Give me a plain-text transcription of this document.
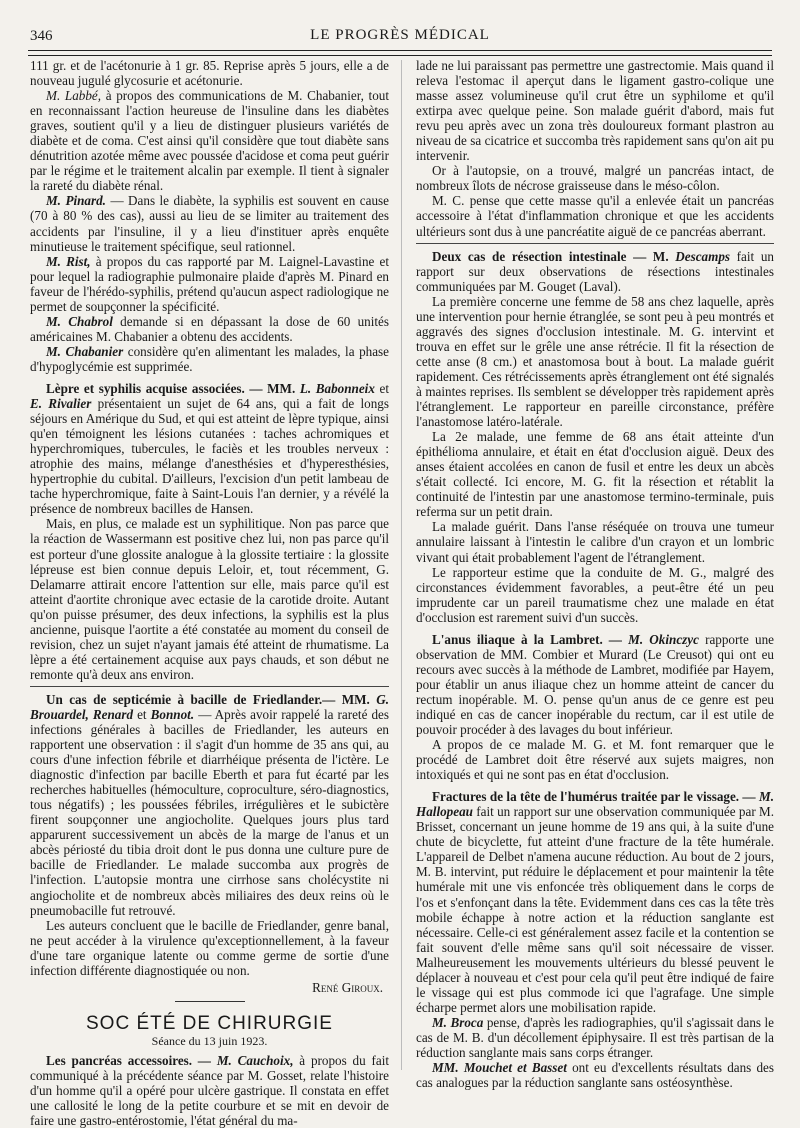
346	LE PROGRÈS MÉDICAL

111 gr. et de l'acétonurie à 1 gr. 85. Reprise après 5 jours, elle a de nouveau jugulé glycosurie et acétonurie.

M. Labbé, à propos des communications de M. Chabanier, tout en reconnaissant l'action heureuse de l'insuline dans les diabètes graves, soutient qu'il y a lieu de distinguer plusieurs variétés de diabète et de coma. C'est ainsi qu'il considère que tout diabète sans dénutrition azotée même avec poussée d'acidose et coma peut guérir par le régime et le traitement alcalin par exemple. Il tient à signaler la rareté du diabète rénal.

M. Pinard. — Dans le diabète, la syphilis est souvent en cause (70 à 80 % des cas), aussi au lieu de se limiter au traitement des accidents par l'insuline, il y a lieu d'instituer après enquête minutieuse le traitement spécifique, seul rationnel.

M. Rist, à propos du cas rapporté par M. Laignel-Lavastine et pour lequel la radiographie pulmonaire plaide d'après M. Pinard en faveur de l'hérédo-syphilis, prétend qu'aucun aspect radiologique ne permet de soupçonner la spécificité.

M. Chabrol demande si en dépassant la dose de 60 unités américaines M. Chabanier a obtenu des accidents.

M. Chabanier considère qu'en alimentant les malades, la phase d'hypoglycémie est supprimée.

Lèpre et syphilis acquise associées. — MM. L. Babonneix et E. Rivalier présentaient un sujet de 64 ans, qui a fait de longs séjours en Amérique du Sud, et qui est atteint de lèpre typique, ainsi qu'en témoignent les lésions cutanées : taches achromiques et hyperchromiques, tubercules, le faciès et les troubles nerveux : atrophie des mains, mélange d'anesthésies et d'hyperesthésies, hypertrophie du cubital. D'ailleurs, l'excision d'un petit lambeau de tache hyperchromique, faite à Saint-Louis l'an dernier, y a révélé la présence de nombreux bacilles de Hansen.

Mais, en plus, ce malade est un syphilitique. Non pas parce que la réaction de Wassermann est positive chez lui, non pas parce qu'il est porteur d'une glossite analogue à la glossite tertiaire : la glossite lépreuse est bien connue depuis Leloir, et, tout récemment, G. Delamarre attirait encore l'attention sur elle, mais parce qu'il est atteint d'aortite chronique avec ectasie de la carotide droite. Autant qu'on puisse présumer, des deux infections, la syphilis est la plus ancienne, puisque l'aortite a été constatée au moment du conseil de revision, chez un sujet n'ayant jamais été atteint de rhumatisme. La lèpre a été certainement acquise aux pays chauds, et son début ne remonte qu'à deux ans environ.

Un cas de septicémie à bacille de Friedlander.— MM. G. Brouardel, Renard et Bonnot. — Après avoir rappelé la rareté des infections générales à bacilles de Friedlander, les auteurs en rapportent une observation : il s'agit d'un homme de 35 ans qui, au cours d'une infection fébrile et diarrhéique présenta de l'ictère. Le diagnostic d'infection par bacille Eberth et para fut écarté par les recherches habituelles (hémoculture, coproculture, séro-diagnostics, tous négatifs) ; les poussées fébriles, irrégulières et le subictère firent soupçonner une angiocholite. Quelques jours plus tard apparurent successivement un abcès de la marge de l'anus et un abcès périosté du tibia droit dont le pus donna une culture pure de bacille de Friedlander. Le malade succomba aux progrès de l'infection. L'autopsie montra une cirrhose sans cholécystite ni angiocholite et de nombreux abcès miliaires des deux reins où le pneumobacille fut retrouvé.

Les auteurs concluent que le bacille de Friedlander, genre banal, ne peut accéder à la virulence qu'exceptionnellement, à la faveur d'une tare organique latente ou comme germe de sortie d'une infection différente diagnostiquée ou non.

René Giroux.
SOC ÉTÉ DE CHIRURGIE
Séance du 13 juin 1923.

Les pancréas accessoires. — M. Cauchoix, à propos du fait communiqué à la précédente séance par M. Gosset, relate l'histoire d'un homme qu'il a opéré pour ulcère gastrique. Il constata en effet une callosité le long de la petite courbure et se mit en devoir de faire une gastro-entérostomie, l'état général du ma-

lade ne lui paraissant pas permettre une gastrectomie. Mais quand il releva l'estomac il aperçut dans le ligament gastro-colique une masse assez volumineuse qu'il crut être un syphilome et qu'il extirpa avec quelque peine. Son malade guérit d'abord, mais fut revu peu après avec un zona très douloureux formant plastron au niveau de sa cicatrice et succomba très rapidement sans qu'on ait pu intervenir.

Or à l'autopsie, on a trouvé, malgré un pancréas intact, de nombreux îlots de nécrose graisseuse dans le méso-côlon.

M. C. pense que cette masse qu'il a enlevée était un pancréas accessoire à l'état d'inflammation chronique et que les accidents ultérieurs sont dus à une pancréatite aiguë de ce pancréas aberrant.

Deux cas de résection intestinale — M. Descamps fait un rapport sur deux observations de résections intestinales communiquées par M. Gouget (Laval).

La première concerne une femme de 58 ans chez laquelle, après une intervention pour hernie étranglée, se sont peu à peu montrés et aggravés des signes d'occlusion intestinale. M. G. intervint et trouva en effet sur le grêle une anse rétrécie. Il fit la résection de cette anse (8 cm.) et anastomosa bout à bout. La malade guérit rapidement. Ces rétrécissements après étranglement ont été signalés à maintes reprises. Ils semblent se développer très rapidement après l'étranglement. Le rapporteur en pareille circonstance, préfère l'anastomose latéro-latérale.

La 2e malade, une femme de 68 ans était atteinte d'un épithélioma annulaire, et était en état d'occlusion aiguë. Deux des anses étaient accolées en canon de fusil et entre les deux un abcès s'était collecté. Ici encore, M. G. fit la résection et rétablit la continuité de l'intestin par une anastomose termino-terminale, puis referma sur un petit drain.

La malade guérit. Dans l'anse réséquée on trouva une tumeur annulaire laissant à l'intestin le calibre d'un crayon et un lombric vivant qui était probablement l'agent de l'étranglement.

Le rapporteur estime que la conduite de M. G., malgré des circonstances évidemment favorables, a peut-être été un peu imprudente car un pareil traumatisme chez une malade en état d'occlusion est rarement suivi d'un succès.

L'anus iliaque à la Lambret. — M. Okinczyc rapporte une observation de MM. Combier et Murard (Le Creusot) qui ont eu recours avec succès à la méthode de Lambret, modifiée par Hayem, pour établir un anus iliaque chez un homme atteint de cancer du rectum inopérable. M. O. pense qu'un anus de ce genre est peu indiqué en cas de cancer inopérable du rectum, car il est utile de pouvoir procéder à des lavages du bout inférieur.

A propos de ce malade M. G. et M. font remarquer que le procédé de Lambret doit être réservé aux sujets maigres, non intoxiqués et qui ne sont pas en état d'occlusion.

Fractures de la tête de l'humérus traitée par le vissage. — M. Hallopeau fait un rapport sur une observation communiquée par M. Brisset, concernant un jeune homme de 19 ans qui, à la suite d'une chute de bicyclette, fut atteint d'une fracture de la tête humérale. L'appareil de Delbet n'amena aucune réduction. Au bout de 2 jours, M. B. intervint, put réduire le déplacement et pour maintenir la tête humérale mit une vis enfoncée très obliquement dans le corps de l'os et s'enfonçant dans la tête. Evidemment dans ces cas la tête très mobile échappe à notre action et la réduction sanglante est nécessaire. Celle-ci est généralement assez facile et la contention se fait souvent d'elle même sans qu'il soit nécessaire de visser. Malheureusement les mouvements ultérieurs du blessé peuvent le déplacer à nouveau et c'est pour cela qu'il peut être indiqué de faire le vissage qui est plus commode ici que l'agrafage. Une simple écharpe permet alors une mobilisation rapide.

M. Broca pense, d'après les radiographies, qu'il s'agissait dans le cas de M. B. d'un décollement épiphysaire. Il est très partisan de la réduction sanglante mais sans corps étranger.

MM. Mouchet et Basset ont eu d'excellents résultats dans des cas analogues par la réduction sanglante sans ostéosynthèse.
